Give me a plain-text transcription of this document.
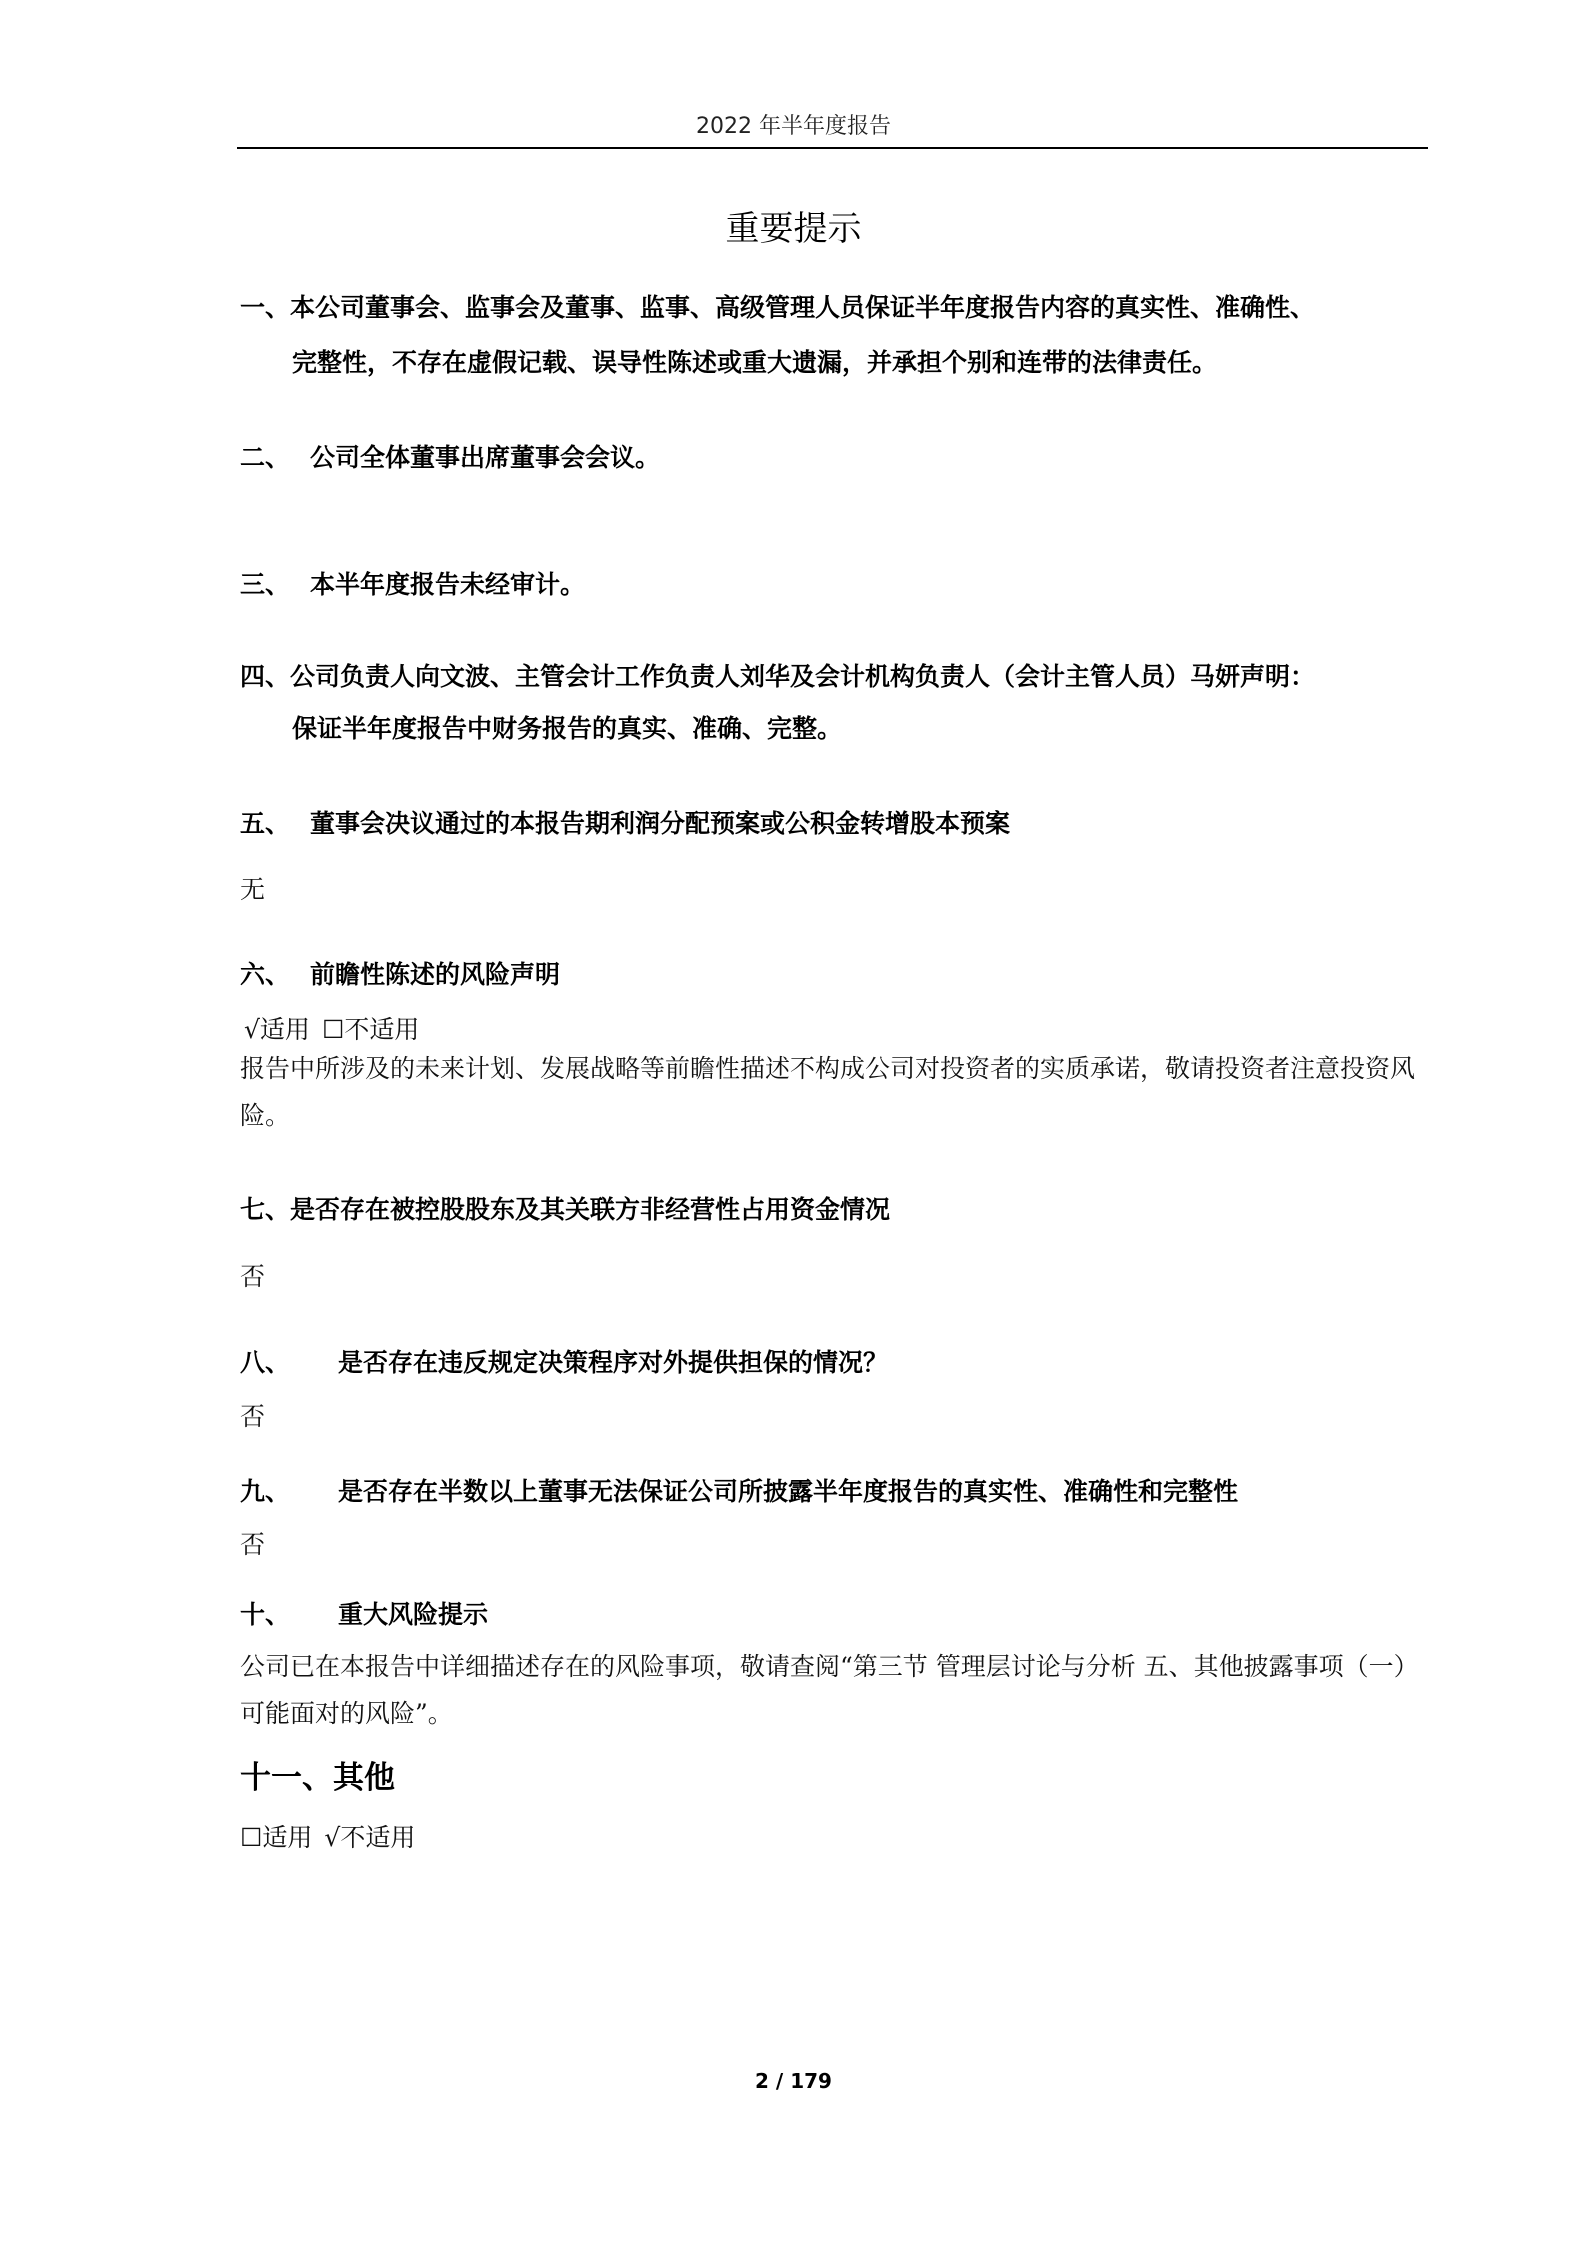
2022 年半年度报告
重要提示
一、本公司董事会、监事会及董事、监事、高级管理人员保证半年度报告内容的真实性、准确性、
完整性，不存在虚假记载、误导性陈述或重大遗漏，并承担个别和连带的法律责任。
二、 公司全体董事出席董事会会议。
三、 本半年度报告未经审计。
四、公司负责人向文波、主管会计工作负责人刘华及会计机构负责人（会计主管人员）马妍声明：
保证半年度报告中财务报告的真实、准确、完整。
五、 董事会决议通过的本报告期利润分配预案或公积金转增股本预案
无
六、 前瞻性陈述的风险声明
√适用 ☐不适用
报告中所涉及的未来计划、发展战略等前瞻性描述不构成公司对投资者的实质承诺，敬请投资者注意投资风险。
七、是否存在被控股股东及其关联方非经营性占用资金情况
否
八、 是否存在违反规定决策程序对外提供担保的情况？
否
九、 是否存在半数以上董事无法保证公司所披露半年度报告的真实性、准确性和完整性
否
十、 重大风险提示
公司已在本报告中详细描述存在的风险事项，敬请查阅“第三节 管理层讨论与分析 五、其他披露事项（一）可能面对的风险”。
十一、其他
☐适用 √不适用
2 / 179
